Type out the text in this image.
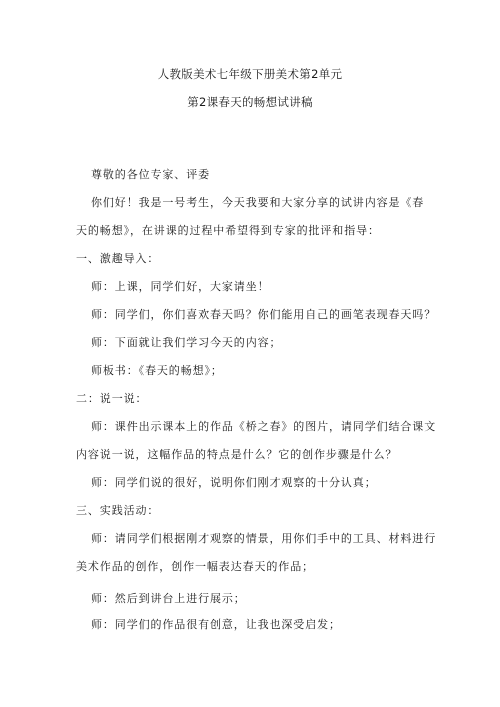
人教版美术七年级下册美术第2单元
第2课春天的畅想试讲稿
尊敬的各位专家、评委
你们好！我是一号考生，今天我要和大家分享的试讲内容是《春
天的畅想》，在讲课的过程中希望得到专家的批评和指导：
一、激趣导入：
师：上课，同学们好，大家请坐！
师：同学们，你们喜欢春天吗？你们能用自己的画笔表现春天吗？
师：下面就让我们学习今天的内容；
师板书：《春天的畅想》；
二：说一说：
师：课件出示课本上的作品《桥之春》的图片，请同学们结合课文
内容说一说，这幅作品的特点是什么？它的创作步骤是什么？
师：同学们说的很好，说明你们刚才观察的十分认真；
三、实践活动：
师：请同学们根据刚才观察的情景，用你们手中的工具、材料进行
美术作品的创作，创作一幅表达春天的作品；
师：然后到讲台上进行展示；
师：同学们的作品很有创意，让我也深受启发；
